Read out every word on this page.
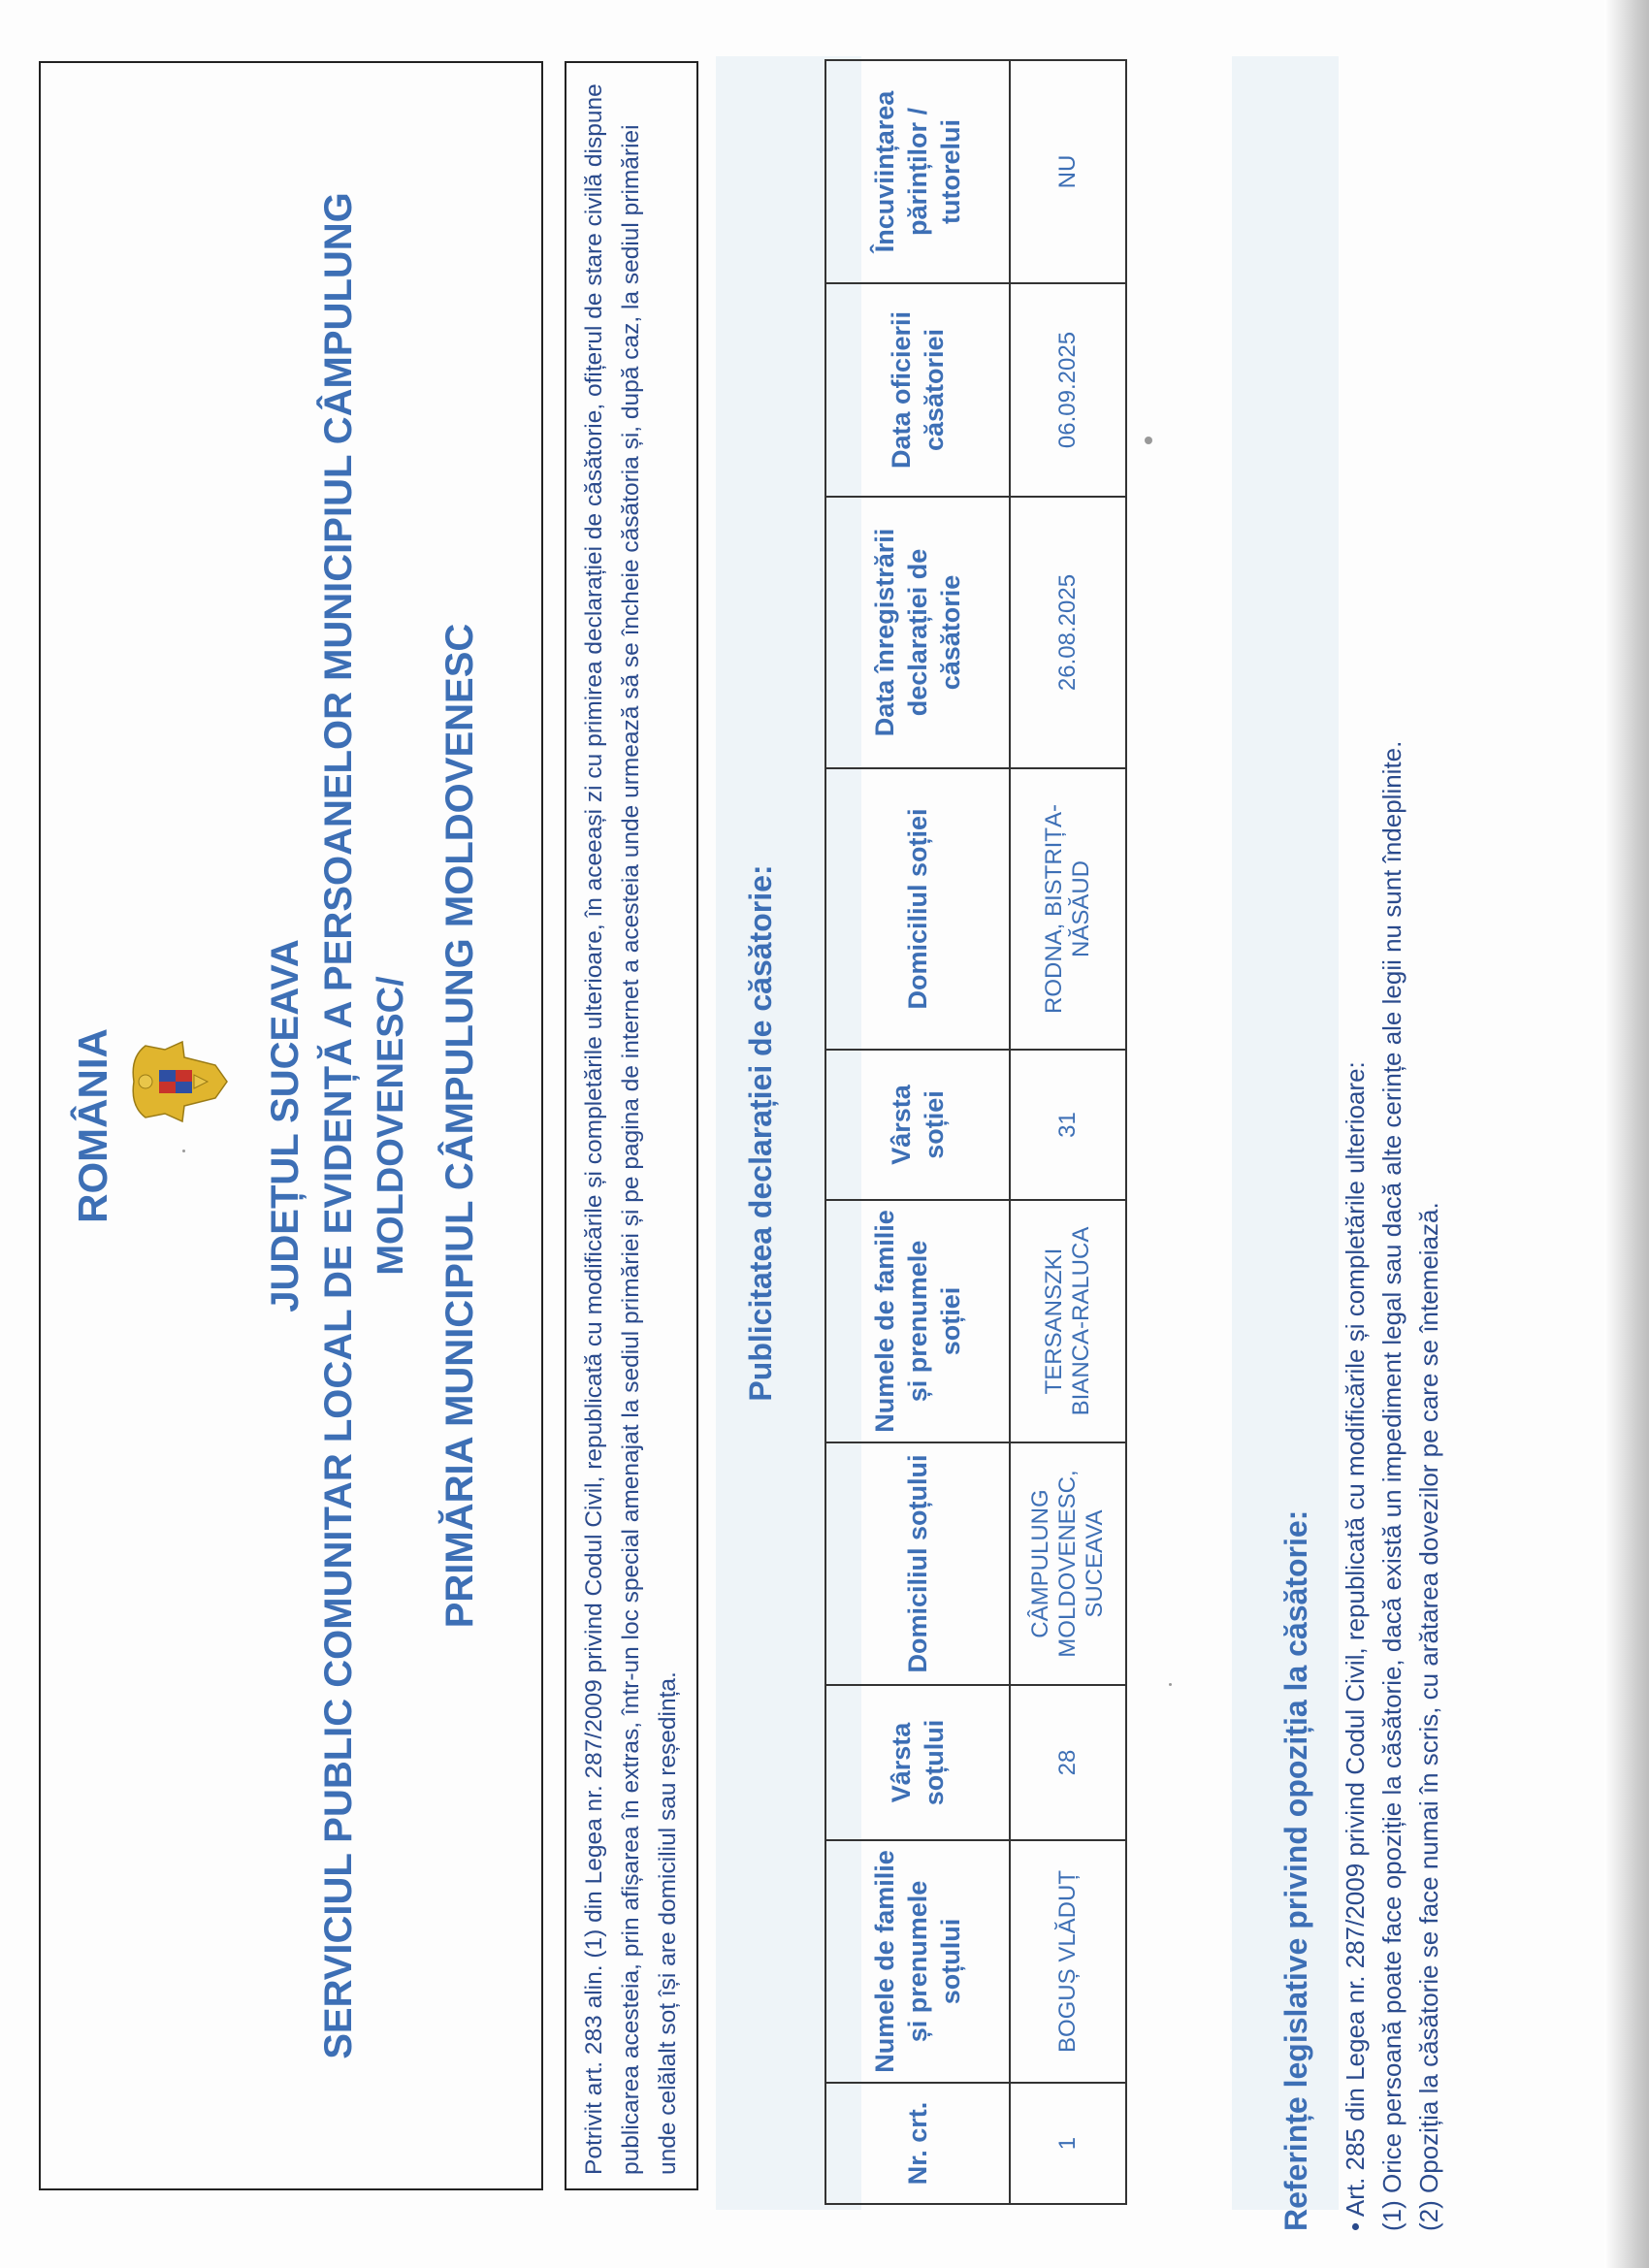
ROMÂNIA	JUDEȚUL SUCEAVA SERVICIUL PUBLIC COMUNITAR LOCAL DE EVIDENȚĂ A PERSOANELOR MUNICIPIUL CÂMPULUNG MOLDOVENESC/ PRIMĂRIA MUNICIPIUL CÂMPULUNG MOLDOVENESC	Potrivit art. 283 alin. (1) din Legea nr. 287/2009 privind Codul Civil, republicată cu modificările și completările ulterioare, în aceeași zi cu primirea declarației de căsătorie, ofițerul de stare civilă dispune publicarea acesteia, prin afișarea în extras, într-un loc special amenajat la sediul primăriei și pe pagina de internet a acesteia unde urmează să se încheie căsătoria și, după caz, la sediul primăriei unde celălalt soț își are domiciliul sau reședința.
Publicitatea declarației de căsătorie:
Nr. crt.	Numele de familie și prenumele soțului	Vârsta soțului	Domiciliul soțului	Numele de familie și prenumele soției	Vârsta soției	Domiciliul soției	Data înregistrării declarației de căsătorie	Data oficierii căsătoriei	Încuviințarea părinților / tutorelui
1	BOGUȘ VLĂDUȚ	28	CÂMPULUNG MOLDOVENESC, SUCEAVA	TERSANSZKI BIANCA-RALUCA	31	RODNA, BISTRIȚA-NĂSĂUD	26.08.2025	06.09.2025	NU
Referințe legislative privind opoziția la căsătorie: • Art. 285 din Legea nr. 287/2009 privind Codul Civil, republicată cu modificările și completările ulterioare: (1) Orice persoană poate face opoziție la căsătorie, dacă există un impediment legal sau dacă alte cerințe ale legii nu sunt îndeplinite. (2) Opoziția la căsătorie se face numai în scris, cu arătarea dovezilor pe care se întemeiază.
